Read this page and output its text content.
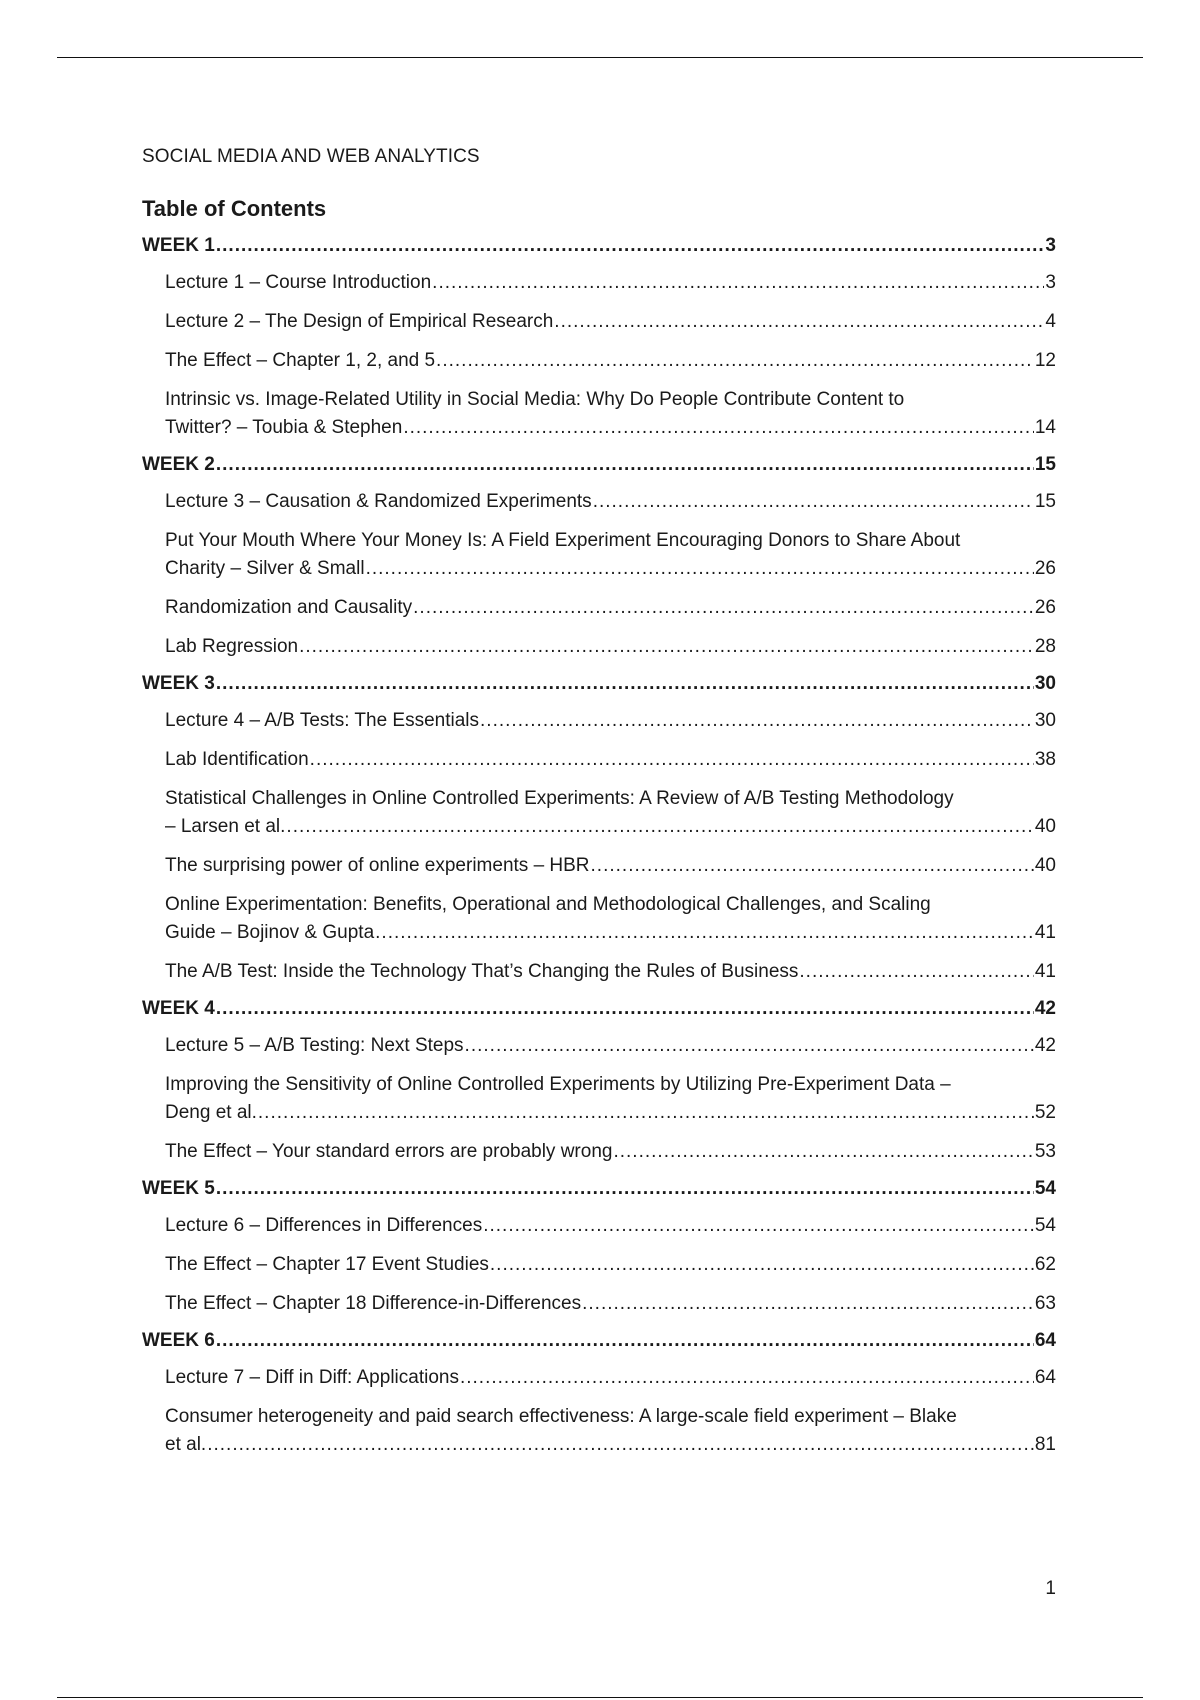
SOCIAL MEDIA AND WEB ANALYTICS
Table of Contents
WEEK 1 .....	3
Lecture 1 – Course Introduction .....	3
Lecture 2 – The Design of Empirical Research .....	4
The Effect – Chapter 1, 2, and 5 .....	12
Intrinsic vs. Image-Related Utility in Social Media: Why Do People Contribute Content to
Twitter? – Toubia & Stephen .....	14
WEEK 2 .....	15
Lecture 3 – Causation & Randomized Experiments .....	15
Put Your Mouth Where Your Money Is: A Field Experiment Encouraging Donors to Share About
Charity – Silver & Small .....	26
Randomization and Causality .....	26
Lab Regression .....	28
WEEK 3 .....	30
Lecture 4 – A/B Tests: The Essentials .....	30
Lab Identification .....	38
Statistical Challenges in Online Controlled Experiments: A Review of A/B Testing Methodology
– Larsen et al. .....	40
The surprising power of online experiments – HBR .....	40
Online Experimentation: Benefits, Operational and Methodological Challenges, and Scaling
Guide – Bojinov & Gupta .....	41
The A/B Test: Inside the Technology That’s Changing the Rules of Business .....	41
WEEK 4 .....	42
Lecture 5 – A/B Testing: Next Steps .....	42
Improving the Sensitivity of Online Controlled Experiments by Utilizing Pre-Experiment Data –
Deng et al. .....	52
The Effect – Your standard errors are probably wrong .....	53
WEEK 5 .....	54
Lecture 6 – Differences in Differences .....	54
The Effect – Chapter 17 Event Studies .....	62
The Effect – Chapter 18 Difference-in-Differences .....	63
WEEK 6 .....	64
Lecture 7 – Diff in Diff: Applications .....	64
Consumer heterogeneity and paid search effectiveness: A large-scale field experiment – Blake
et al. .....	81
1
